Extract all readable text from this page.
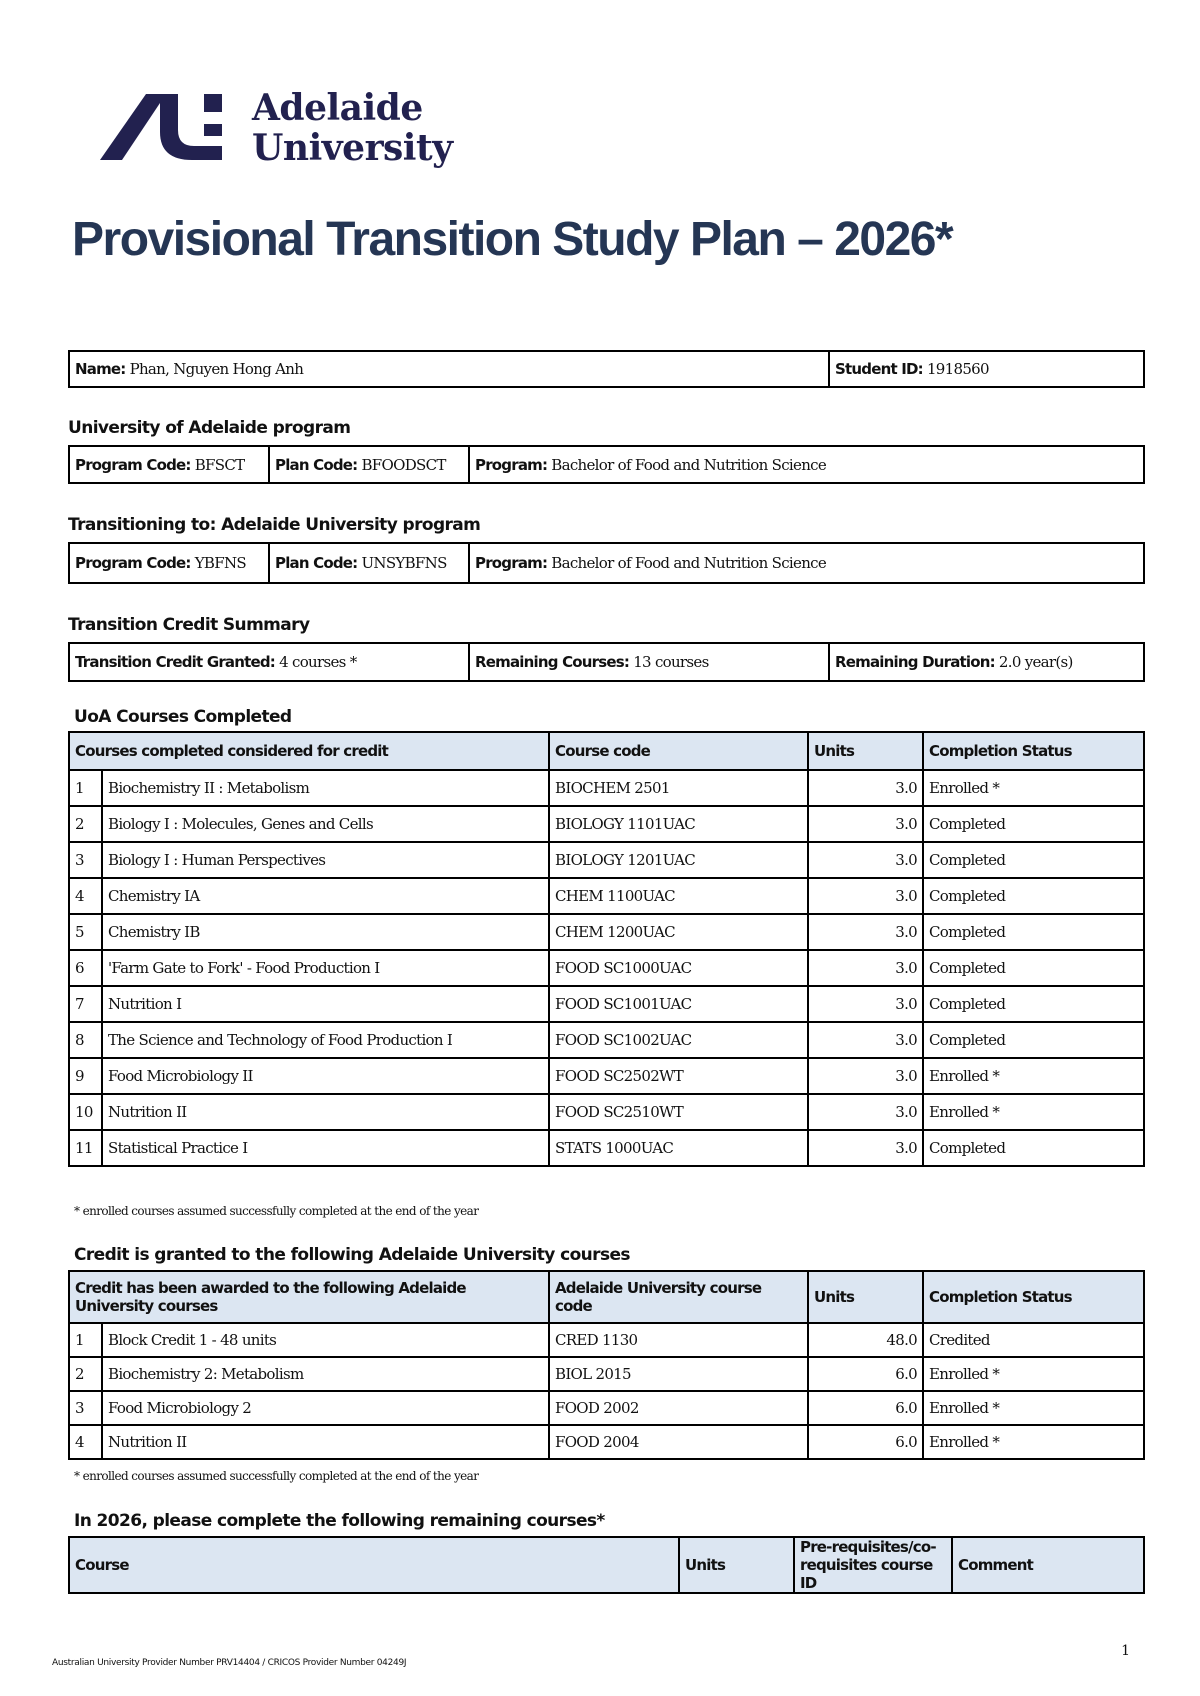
Adelaide
University
Provisional Transition Study Plan – 2026*
Name: Phan, Nguyen Hong Anh	Student ID: 1918560
University of Adelaide program
Program Code: BFSCT	Plan Code: BFOODSCT	Program: Bachelor of Food and Nutrition Science
Transitioning to: Adelaide University program
Program Code: YBFNS	Plan Code: UNSYBFNS	Program: Bachelor of Food and Nutrition Science
Transition Credit Summary
Transition Credit Granted: 4 courses *	Remaining Courses: 13 courses	Remaining Duration: 2.0 year(s)
UoA Courses Completed
Courses completed considered for credit		Course code	Units	Completion Status
1	Biochemistry II : Metabolism	BIOCHEM 2501	3.0	Enrolled *
2	Biology I : Molecules, Genes and Cells	BIOLOGY 1101UAC	3.0	Completed
3	Biology I : Human Perspectives	BIOLOGY 1201UAC	3.0	Completed
4	Chemistry IA	CHEM 1100UAC	3.0	Completed
5	Chemistry IB	CHEM 1200UAC	3.0	Completed
6	'Farm Gate to Fork' - Food Production I	FOOD SC1000UAC	3.0	Completed
7	Nutrition I	FOOD SC1001UAC	3.0	Completed
8	The Science and Technology of Food Production I	FOOD SC1002UAC	3.0	Completed
9	Food Microbiology II	FOOD SC2502WT	3.0	Enrolled *
10	Nutrition II	FOOD SC2510WT	3.0	Enrolled *
11	Statistical Practice I	STATS 1000UAC	3.0	Completed
* enrolled courses assumed successfully completed at the end of the year
Credit is granted to the following Adelaide University courses
Credit has been awarded to the following Adelaide University courses		Adelaide University course code	Units	Completion Status
1	Block Credit 1 - 48 units	CRED 1130	48.0	Credited
2	Biochemistry 2: Metabolism	BIOL 2015	6.0	Enrolled *
3	Food Microbiology 2	FOOD 2002	6.0	Enrolled *
4	Nutrition II	FOOD 2004	6.0	Enrolled *
* enrolled courses assumed successfully completed at the end of the year
In 2026, please complete the following remaining courses*
Course	Units	Pre-requisites/co-requisites course ID	Comment
1
Australian University Provider Number PRV14404 / CRICOS Provider Number 04249J
